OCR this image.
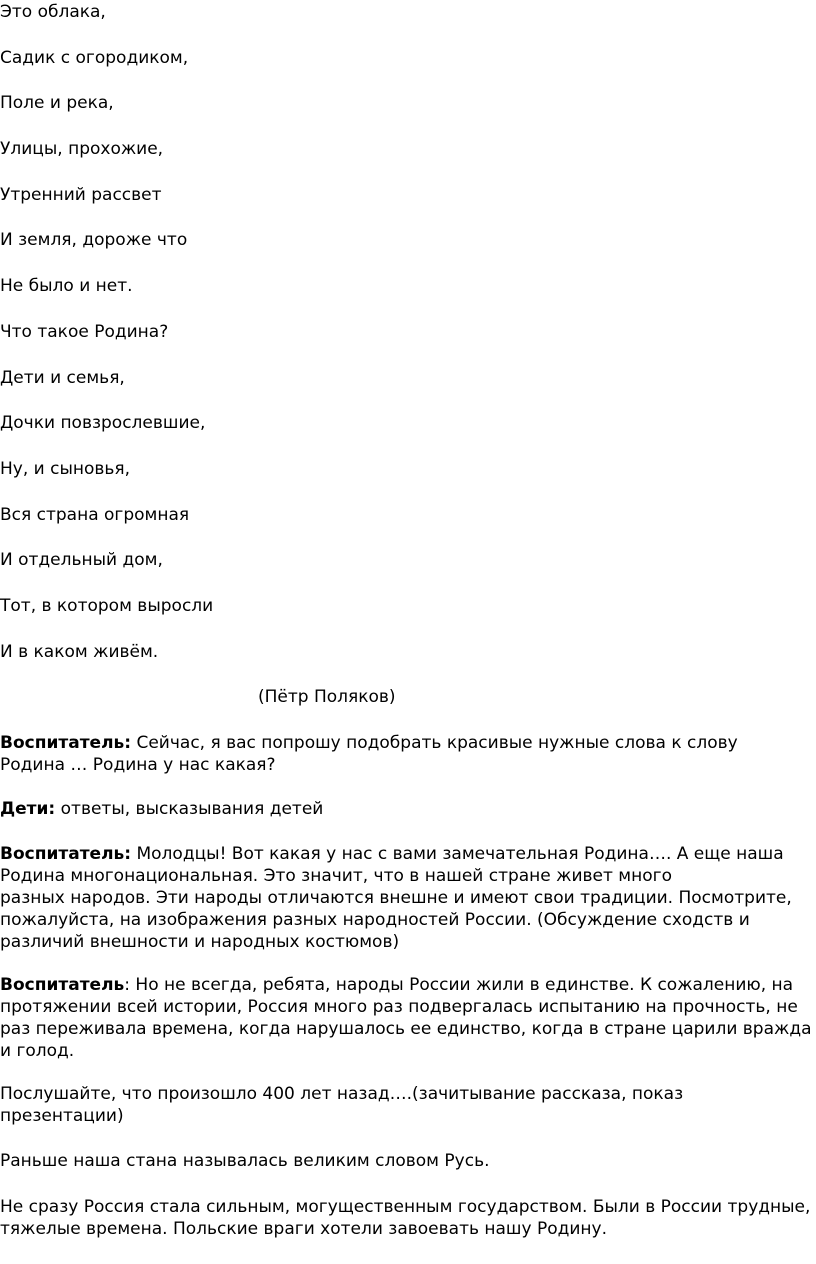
Это облака,

Садик с огородиком,

Поле и река,

Улицы, прохожие,

Утренний рассвет

И земля, дороже что

Не было и нет.

Что такое Родина?

Дети и семья,

Дочки повзрослевшие,

Ну, и сыновья,

Вся страна огромная

И отдельный дом,

Тот, в котором выросли

И в каком живём.

(Пётр Поляков)

Воспитатель: Сейчас, я вас попрошу подобрать красивые нужные слова к слову
Родина … Родина у нас какая?
Дети: ответы, высказывания детей
Воспитатель: Молодцы! Вот какая у нас с вами замечательная Родина…. А еще наша
Родина многонациональная. Это значит, что в нашей стране живет много
разных народов. Эти народы отличаются внешне и имеют свои традиции. Посмотрите,
пожалуйста, на изображения разных народностей России. (Обсуждение сходств и
различий внешности и народных костюмов)
Воспитатель: Но не всегда, ребята, народы России жили в единстве. К сожалению, на
протяжении всей истории, Россия много раз подвергалась испытанию на прочность, не
раз переживала времена, когда нарушалось ее единство, когда в стране царили вражда
и голод.
Послушайте, что произошло 400 лет назад….(зачитывание рассказа, показ
презентации)
Раньше наша стана называлась великим словом Русь.
Не сразу Россия стала сильным, могущественным государством. Были в России трудные,
тяжелые времена. Польские враги хотели завоевать нашу Родину.
